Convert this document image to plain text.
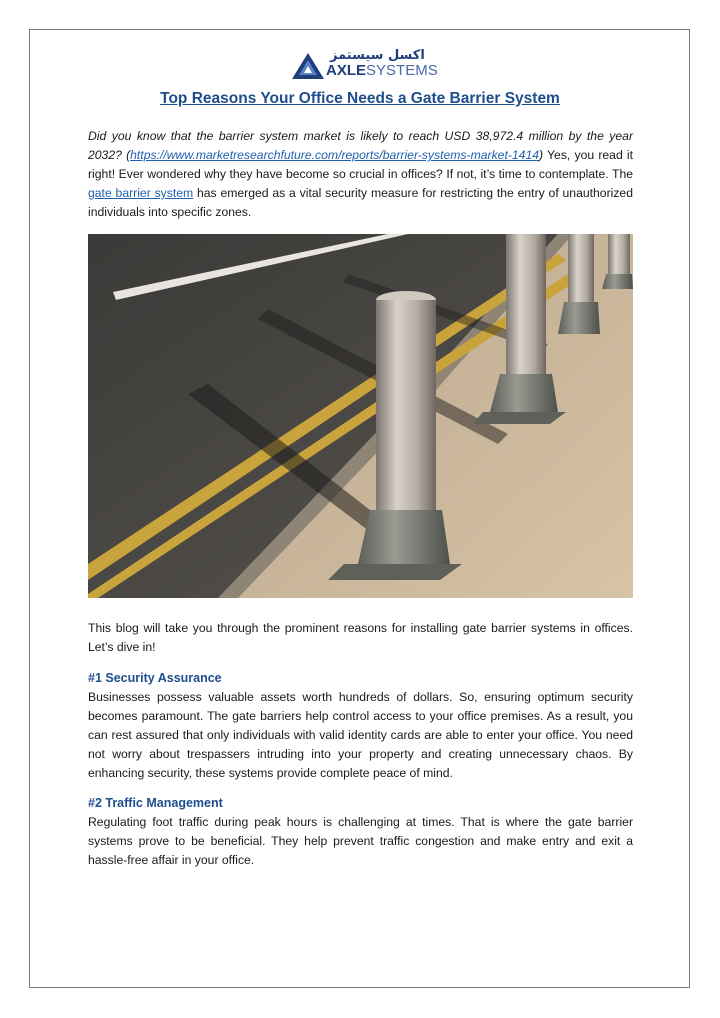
اكسل سيستمز
AXLESYSTEMS
Top Reasons Your Office Needs a Gate Barrier System
Did you know that the barrier system market is likely to reach USD 38,972.4 million by the year 2032? (https://www.marketresearchfuture.com/reports/barrier-systems-market-1414) Yes, you read it right! Ever wondered why they have become so crucial in offices? If not, it’s time to contemplate. The gate barrier system has emerged as a vital security measure for restricting the entry of unauthorized individuals into specific zones.
This blog will take you through the prominent reasons for installing gate barrier systems in offices. Let’s dive in!
#1 Security Assurance
Businesses possess valuable assets worth hundreds of dollars. So, ensuring optimum security becomes paramount. The gate barriers help control access to your office premises. As a result, you can rest assured that only individuals with valid identity cards are able to enter your office. You need not worry about trespassers intruding into your property and creating unnecessary chaos. By enhancing security, these systems provide complete peace of mind.
#2 Traffic Management
Regulating foot traffic during peak hours is challenging at times. That is where the gate barrier systems prove to be beneficial. They help prevent traffic congestion and make entry and exit a hassle-free affair in your office.
